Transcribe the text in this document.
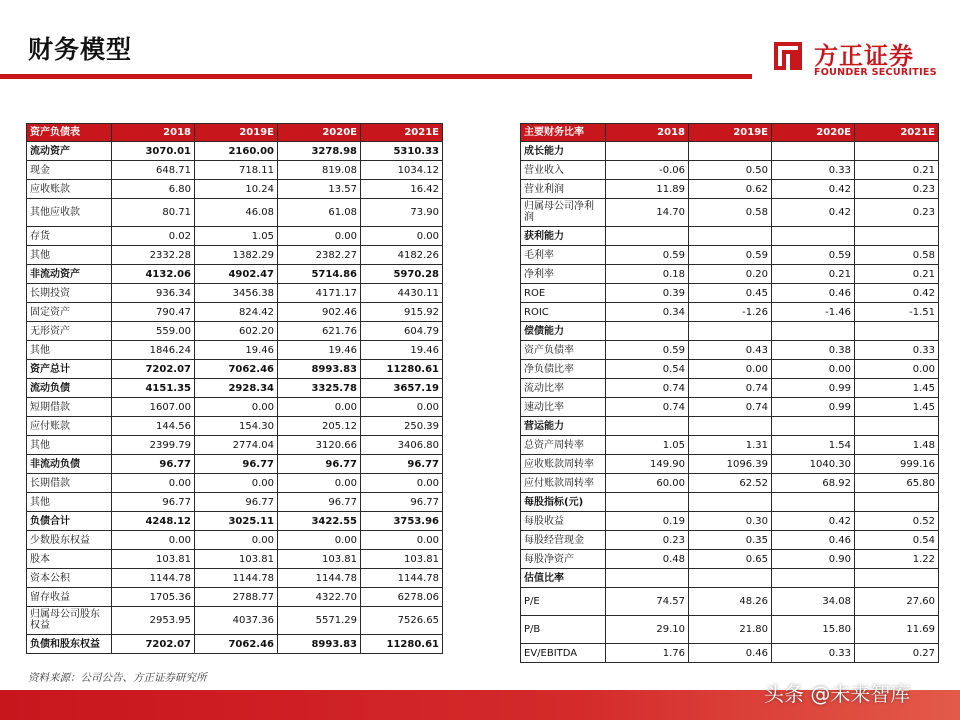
财务模型	方正证券
FOUNDER SECURITIES
资产负债表	2018	2019E	2020E	2021E
流动资产	3070.01	2160.00	3278.98	5310.33
现金	648.71	718.11	819.08	1034.12
应收账款	6.80	10.24	13.57	16.42
其他应收款	80.71	46.08	61.08	73.90
存货	0.02	1.05	0.00	0.00
其他	2332.28	1382.29	2382.27	4182.26
非流动资产	4132.06	4902.47	5714.86	5970.28
长期投资	936.34	3456.38	4171.17	4430.11
固定资产	790.47	824.42	902.46	915.92
无形资产	559.00	602.20	621.76	604.79
其他	1846.24	19.46	19.46	19.46
资产总计	7202.07	7062.46	8993.83	11280.61
流动负债	4151.35	2928.34	3325.78	3657.19
短期借款	1607.00	0.00	0.00	0.00
应付账款	144.56	154.30	205.12	250.39
其他	2399.79	2774.04	3120.66	3406.80
非流动负债	96.77	96.77	96.77	96.77
长期借款	0.00	0.00	0.00	0.00
其他	96.77	96.77	96.77	96.77
负债合计	4248.12	3025.11	3422.55	3753.96
少数股东权益	0.00	0.00	0.00	0.00
股本	103.81	103.81	103.81	103.81
资本公积	1144.78	1144.78	1144.78	1144.78
留存收益	1705.36	2788.77	4322.70	6278.06
归属母公司股东权益	2953.95	4037.36	5571.29	7526.65
负债和股东权益	7202.07	7062.46	8993.83	11280.61
主要财务比率	2018	2019E	2020E	2021E
成长能力				
营业收入	-0.06	0.50	0.33	0.21
营业利润	11.89	0.62	0.42	0.23
归属母公司净利润	14.70	0.58	0.42	0.23
获利能力				
毛利率	0.59	0.59	0.59	0.58
净利率	0.18	0.20	0.21	0.21
ROE	0.39	0.45	0.46	0.42
ROIC	0.34	-1.26	-1.46	-1.51
偿债能力				
资产负债率	0.59	0.43	0.38	0.33
净负债比率	0.54	0.00	0.00	0.00
流动比率	0.74	0.74	0.99	1.45
速动比率	0.74	0.74	0.99	1.45
营运能力				
总资产周转率	1.05	1.31	1.54	1.48
应收账款周转率	149.90	1096.39	1040.30	999.16
应付账款周转率	60.00	62.52	68.92	65.80
每股指标(元)				
每股收益	0.19	0.30	0.42	0.52
每股经营现金	0.23	0.35	0.46	0.54
每股净资产	0.48	0.65	0.90	1.22
估值比率				
P/E	74.57	48.26	34.08	27.60
P/B	29.10	21.80	15.80	11.69
EV/EBITDA	1.76	0.46	0.33	0.27
资料来源：公司公告、方正证券研究所
头条 @未来智库
